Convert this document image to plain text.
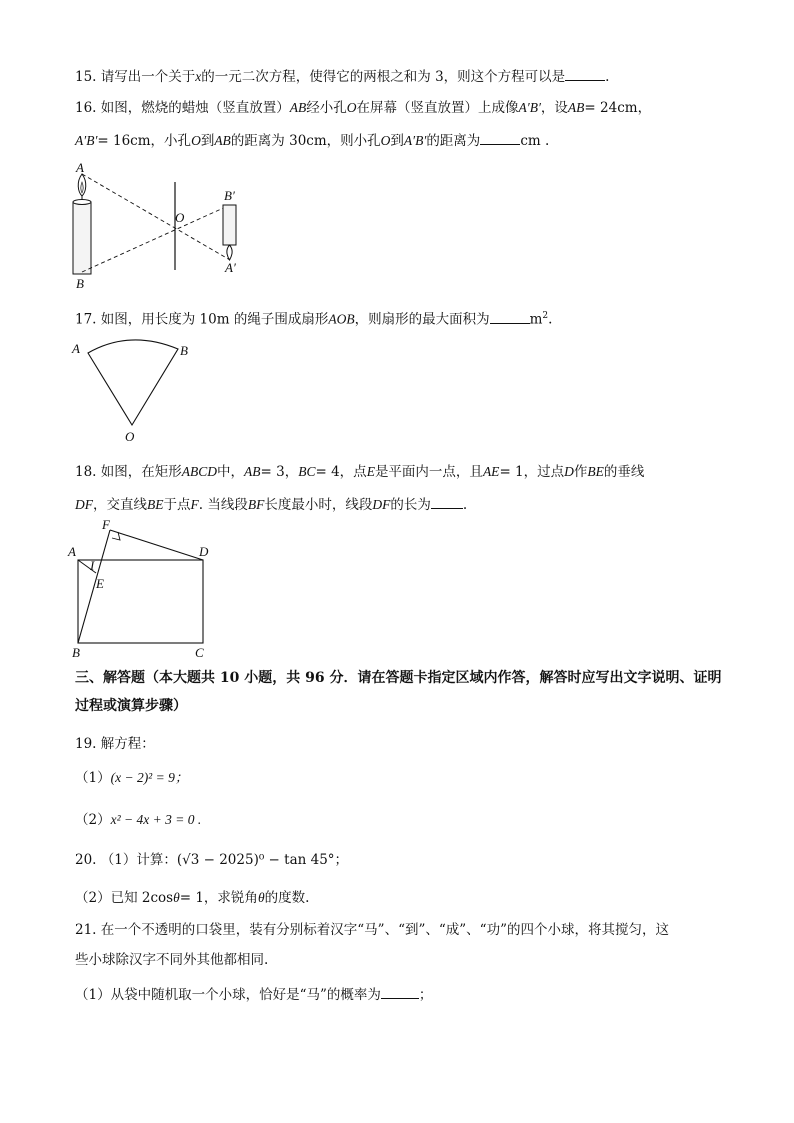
15. 请写出一个关于x的一元二次方程，使得它的两根之和为 3，则这个方程可以是	.
16. 如图，燃烧的蜡烛（竖直放置）AB经小孔O在屏幕（竖直放置）上成像A′B′，设AB= 24cm，
A′B′= 16cm，小孔O到AB的距离为 30cm，则小孔O到A′B′的距离为	cm .
A
B
O
B′
A′
17. 如图，用长度为 10m 的绳子围成扇形AOB，则扇形的最大面积为	$m^2$.
A	B
O
18. 如图，在矩形ABCD中，AB= 3，BC= 4，点E是平面内一点，且AE= 1，过点D作BE的垂线
DF，交直线BE于点F. 当线段BF长度最小时，线段DF的长为 .
F
A	D
I
E
B	C
三、解答题（本大题共 10 小题，共 96 分．请在答题卡指定区域内作答，解答时应写出文字说明、证明过程或演算步骤）
19. 解方程：
（1）(x − 2)² = 9；
（2）x² − 4x + 3 = 0 .
20. （1）计算：(√3 − 2025)⁰ − tan 45°；
（2）已知 2cosθ= 1，求锐角θ的度数.
21. 在一个不透明的口袋里，装有分别标着汉字“马”、“到”、“成”、“功”的四个小球，将其搅匀，这
些小球除汉字不同外其他都相同.
（1）从袋中随机取一个小球，恰好是“马”的概率为	；
